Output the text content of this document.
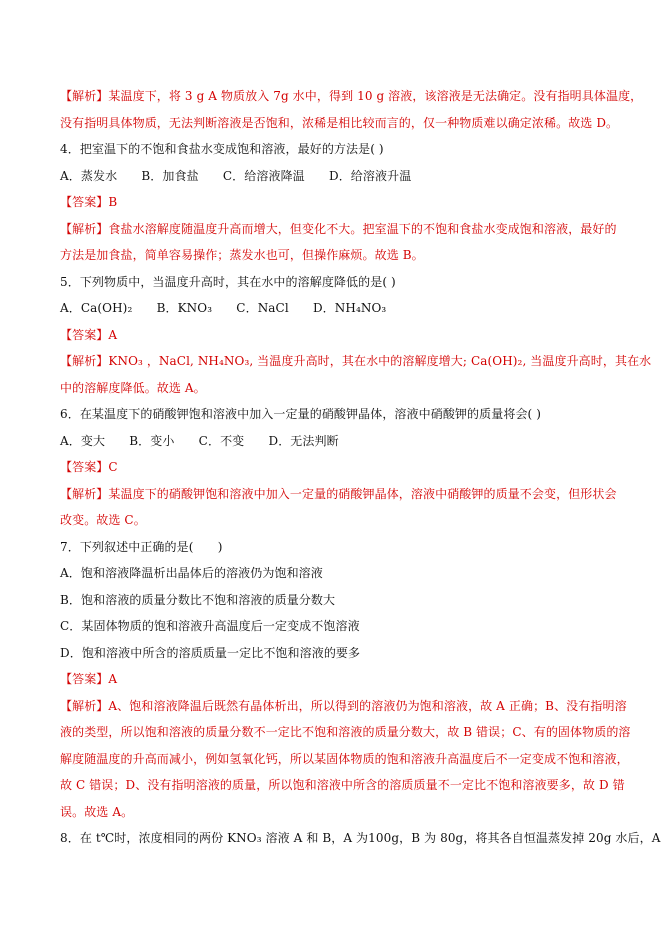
【解析】某温度下，将 3 g A 物质放入 7g 水中，得到 10 g 溶液，该溶液是无法确定。没有指明具体温度，
没有指明具体物质，无法判断溶液是否饱和，浓稀是相比较而言的，仅一种物质难以确定浓稀。故选 D。
4．把室温下的不饱和食盐水变成饱和溶液，最好的方法是( )
A．蒸发水　　B．加食盐　　C．给溶液降温　　D．给溶液升温
【答案】B
【解析】食盐水溶解度随温度升高而增大，但变化不大。把室温下的不饱和食盐水变成饱和溶液，最好的
方法是加食盐，简单容易操作；蒸发水也可，但操作麻烦。故选 B。
5．下列物质中，当温度升高时，其在水中的溶解度降低的是( )
A．Ca(OH)₂　　B．KNO₃　　C．NaCl　　D．NH₄NO₃
【答案】A
【解析】KNO₃ ，NaCl, NH₄NO₃, 当温度升高时，其在水中的溶解度增大; Ca(OH)₂, 当温度升高时，其在水
中的溶解度降低。故选 A。
6．在某温度下的硝酸钾饱和溶液中加入一定量的硝酸钾晶体，溶液中硝酸钾的质量将会( )
A．变大　　B．变小　　C．不变　　D．无法判断
【答案】C
【解析】某温度下的硝酸钾饱和溶液中加入一定量的硝酸钾晶体，溶液中硝酸钾的质量不会变，但形状会
改变。故选 C。
7．下列叙述中正确的是(　　)
A．饱和溶液降温析出晶体后的溶液仍为饱和溶液
B．饱和溶液的质量分数比不饱和溶液的质量分数大
C．某固体物质的饱和溶液升高温度后一定变成不饱溶液
D．饱和溶液中所含的溶质质量一定比不饱和溶液的要多
【答案】A
【解析】A、饱和溶液降温后既然有晶体析出，所以得到的溶液仍为饱和溶液，故 A 正确；B、没有指明溶
液的类型，所以饱和溶液的质量分数不一定比不饱和溶液的质量分数大，故 B 错误；C、有的固体物质的溶
解度随温度的升高而减小，例如氢氧化钙，所以某固体物质的饱和溶液升高温度后不一定变成不饱和溶液，
故 C 错误；D、没有指明溶液的质量，所以饱和溶液中所含的溶质质量不一定比不饱和溶液要多，故 D 错
误。故选 A。
8．在 t℃时，浓度相同的两份 KNO₃ 溶液 A 和 B，A 为100g，B 为 80g，将其各自恒温蒸发掉 20g 水后，A
